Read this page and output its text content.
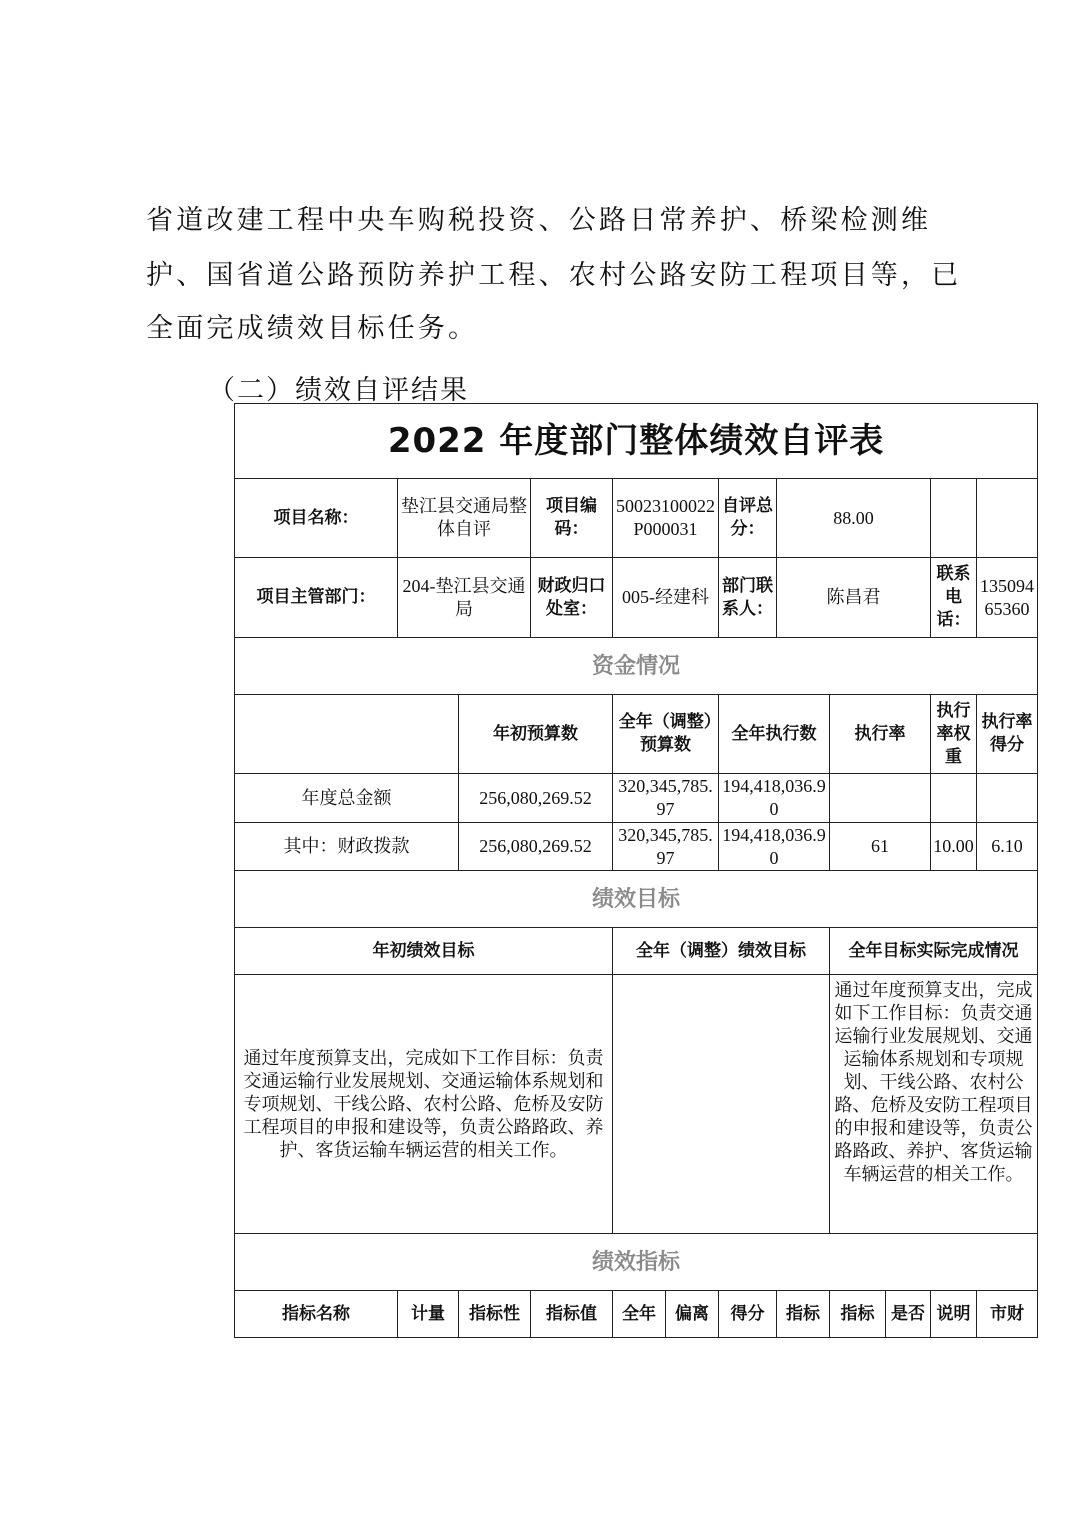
省道改建工程中央车购税投资、公路日常养护、桥梁检测维
护、国省道公路预防养护工程、农村公路安防工程项目等，已
全面完成绩效目标任务。
（二）绩效自评结果
2022 年度部门整体绩效自评表											
项目名称：	垫江县交通局整体自评		项目编码：	50023100022P000031		自评总分：	88.00				
项目主管部门：	204-垫江县交通局		财政归口处室：	005-经建科		部门联系人：	陈昌君			联系电话：	13509465360
资金情况											
		年初预算数		全年（调整）预算数		全年执行数		执行率		执行率权重	执行率得分
年度总金额		256,080,269.52		320,345,785.97		194,418,036.90					
其中：财政拨款		256,080,269.52		320,345,785.97		194,418,036.90		61		10.00	6.10
绩效目标											
年初绩效目标				全年（调整）绩效目标				全年目标实际完成情况			
通过年度预算支出，完成如下工作目标：负责交通运输行业发展规划、交通运输体系规划和专项规划、干线公路、农村公路、危桥及安防工程项目的申报和建设等，负责公路路政、养护、客货运输车辆运营的相关工作。								通过年度预算支出，完成如下工作目标：负责交通运输行业发展规划、交通运输体系规划和专项规划、干线公路、农村公路、危桥及安防工程项目的申报和建设等，负责公路路政、养护、客货运输车辆运营的相关工作。			
绩效指标											
指标名称	计量	指标性	指标值	全年	偏离	得分	指标	指标	是否	说明	市财
